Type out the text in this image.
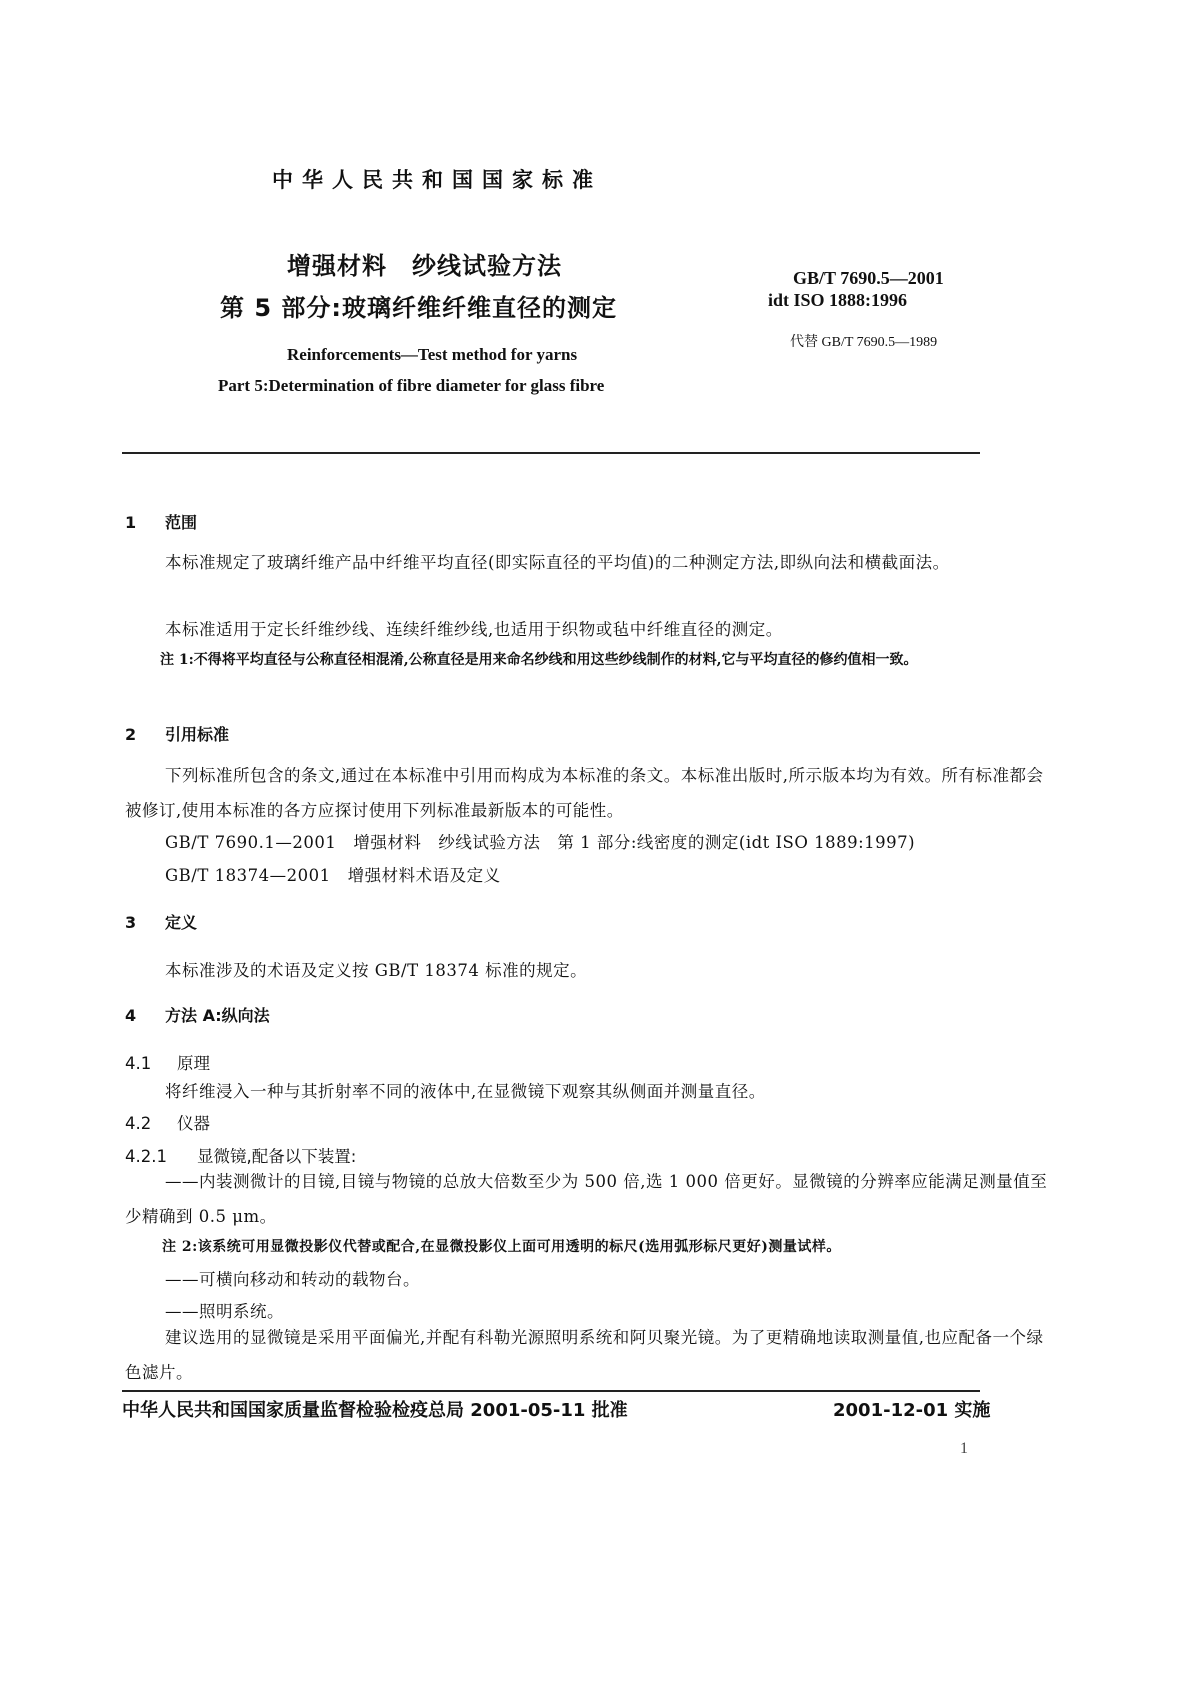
中华人民共和国国家标准
增强材料　纱线试验方法
第 5 部分:玻璃纤维纤维直径的测定
Reinforcements—Test method for yarns
Part 5:Determination of fibre diameter for glass fibre
GB/T 7690.5—2001
idt ISO 1888:1996
代替 GB/T 7690.5—1989
1 范围
本标准规定了玻璃纤维产品中纤维平均直径(即实际直径的平均值)的二种测定方法,即纵向法和横截面法。
本标准适用于定长纤维纱线、连续纤维纱线,也适用于织物或毡中纤维直径的测定。
注 1:不得将平均直径与公称直径相混淆,公称直径是用来命名纱线和用这些纱线制作的材料,它与平均直径的修约值相一致。
2 引用标准
下列标准所包含的条文,通过在本标准中引用而构成为本标准的条文。本标准出版时,所示版本均为有效。所有标准都会被修订,使用本标准的各方应探讨使用下列标准最新版本的可能性。
GB/T 7690.1—2001　增强材料　纱线试验方法　第 1 部分:线密度的测定(idt ISO 1889:1997)
GB/T 18374—2001　增强材料术语及定义
3 定义
本标准涉及的术语及定义按 GB/T 18374 标准的规定。
4 方法 A:纵向法
4.1 原理
将纤维浸入一种与其折射率不同的液体中,在显微镜下观察其纵侧面并测量直径。
4.2 仪器
4.2.1 显微镜,配备以下装置:
——内装测微计的目镜,目镜与物镜的总放大倍数至少为 500 倍,选 1 000 倍更好。显微镜的分辨率应能满足测量值至少精确到 0.5 μm。
注 2:该系统可用显微投影仪代替或配合,在显微投影仪上面可用透明的标尺(选用弧形标尺更好)测量试样。
——可横向移动和转动的载物台。
——照明系统。
建议选用的显微镜是采用平面偏光,并配有科勒光源照明系统和阿贝聚光镜。为了更精确地读取测量值,也应配备一个绿色滤片。
中华人民共和国国家质量监督检验检疫总局 2001-05-11 批准	2001-12-01 实施
1
